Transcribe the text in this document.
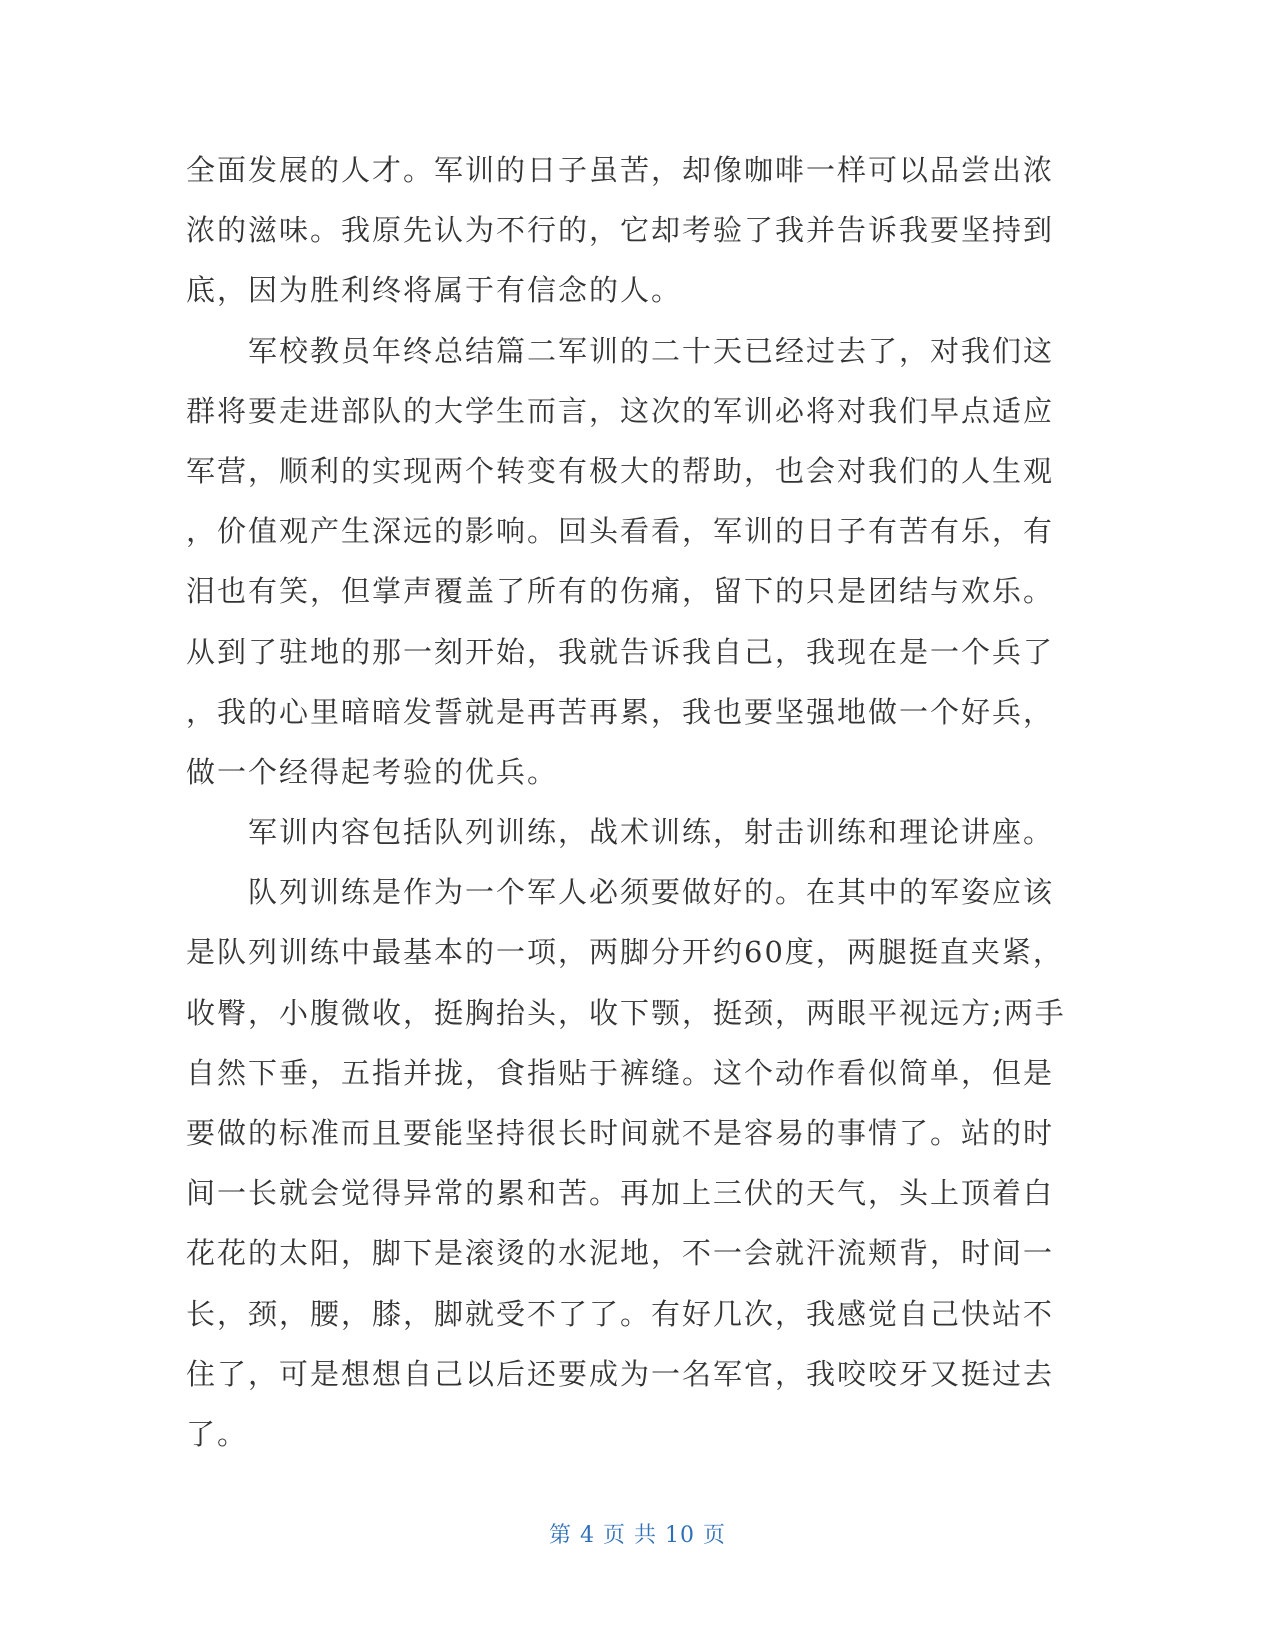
全面发展的人才。军训的日子虽苦，却像咖啡一样可以品尝出浓
浓的滋味。我原先认为不行的，它却考验了我并告诉我要坚持到
底，因为胜利终将属于有信念的人。
军校教员年终总结篇二军训的二十天已经过去了，对我们这
群将要走进部队的大学生而言，这次的军训必将对我们早点适应
军营，顺利的实现两个转变有极大的帮助，也会对我们的人生观
，价值观产生深远的影响。回头看看，军训的日子有苦有乐，有
泪也有笑，但掌声覆盖了所有的伤痛，留下的只是团结与欢乐。
从到了驻地的那一刻开始，我就告诉我自己，我现在是一个兵了
，我的心里暗暗发誓就是再苦再累，我也要坚强地做一个好兵，
做一个经得起考验的优兵。
军训内容包括队列训练，战术训练，射击训练和理论讲座。
队列训练是作为一个军人必须要做好的。在其中的军姿应该
是队列训练中最基本的一项，两脚分开约60度，两腿挺直夹紧，
收臀，小腹微收，挺胸抬头，收下颚，挺颈，两眼平视远方;两手
自然下垂，五指并拢，食指贴于裤缝。这个动作看似简单，但是
要做的标准而且要能坚持很长时间就不是容易的事情了。站的时
间一长就会觉得异常的累和苦。再加上三伏的天气，头上顶着白
花花的太阳，脚下是滚烫的水泥地，不一会就汗流颊背，时间一
长，颈，腰，膝，脚就受不了了。有好几次，我感觉自己快站不
住了，可是想想自己以后还要成为一名军官，我咬咬牙又挺过去
了。
第 4 页 共 10 页
